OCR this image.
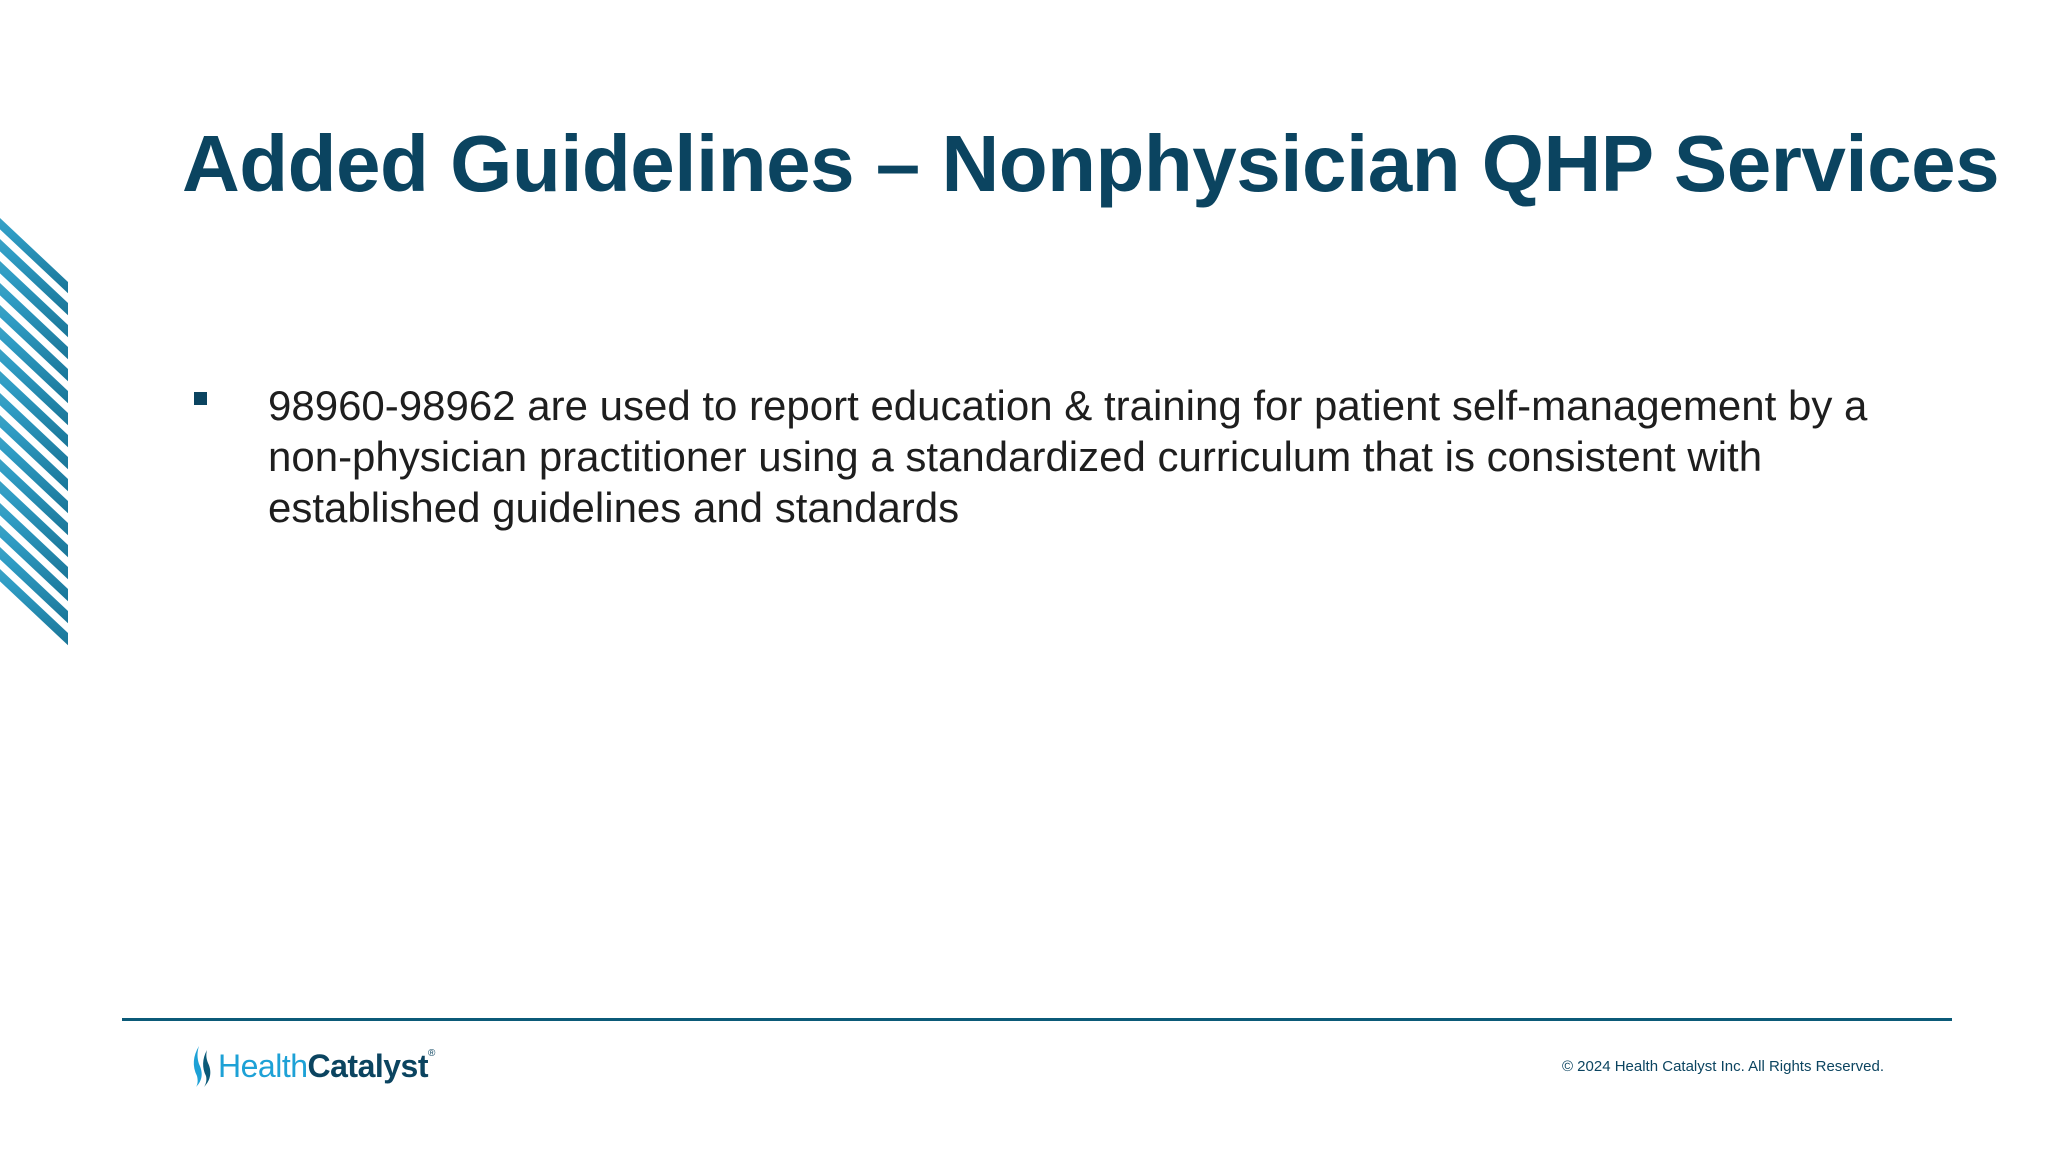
Added Guidelines – Nonphysician QHP Services
98960-98962 are used to report education & training for patient self-management by a non-physician practitioner using a standardized curriculum that is consistent with established guidelines and standards
HealthCatalyst®
© 2024 Health Catalyst Inc. All Rights Reserved.
